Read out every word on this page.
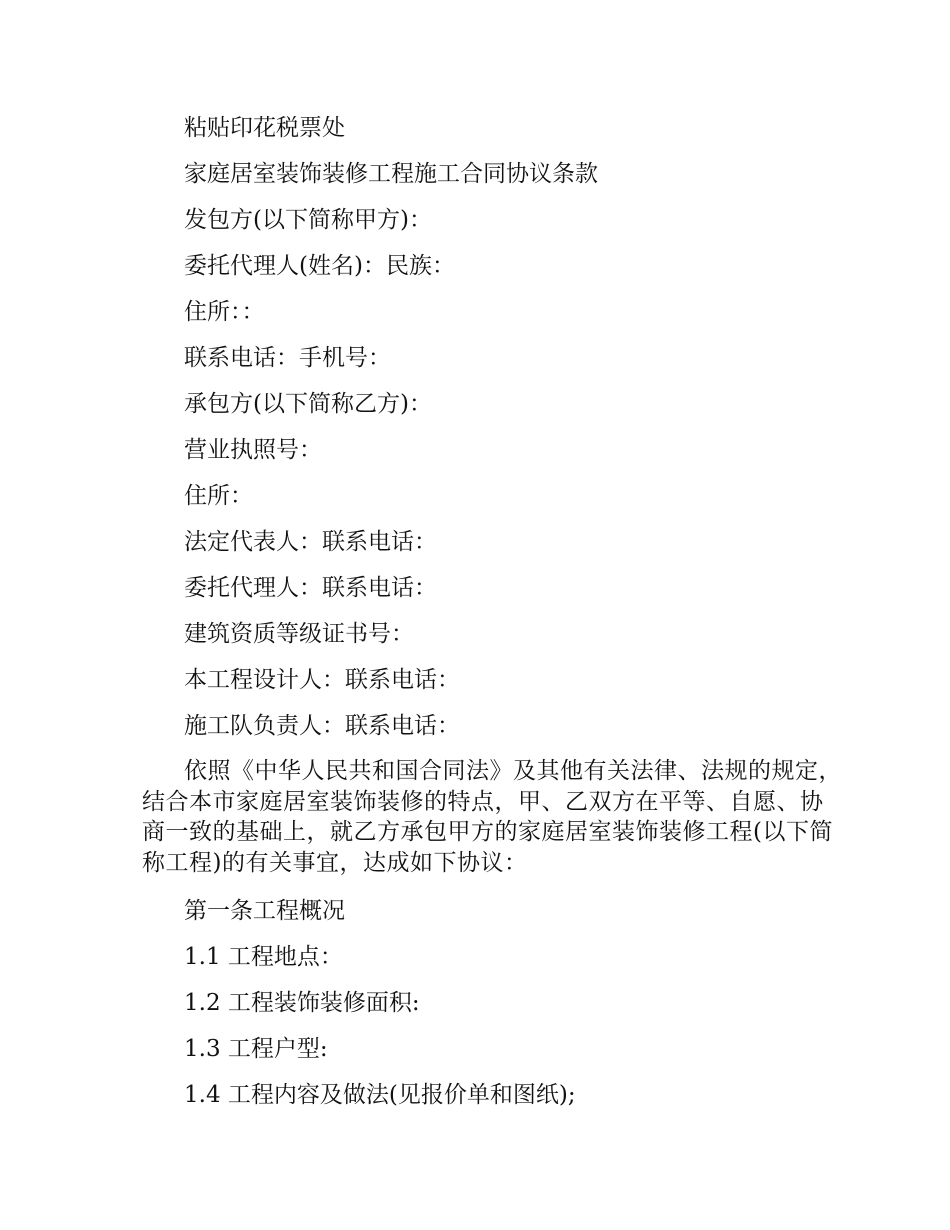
粘贴印花税票处
家庭居室装饰装修工程施工合同协议条款
发包方(以下简称甲方)：
委托代理人(姓名)：民族：
住所：：
联系电话：手机号：
承包方(以下简称乙方)：
营业执照号：
住所：
法定代表人：联系电话：
委托代理人：联系电话：
建筑资质等级证书号：
本工程设计人：联系电话：
施工队负责人：联系电话：
依照《中华人民共和国合同法》及其他有关法律、法规的规定，结合本市家庭居室装饰装修的特点，甲、乙双方在平等、自愿、协商一致的基础上，就乙方承包甲方的家庭居室装饰装修工程(以下简称工程)的有关事宜，达成如下协议：
第一条工程概况
1.1 工程地点：
1.2 工程装饰装修面积:
1.3 工程户型:
1.4 工程内容及做法(见报价单和图纸);
